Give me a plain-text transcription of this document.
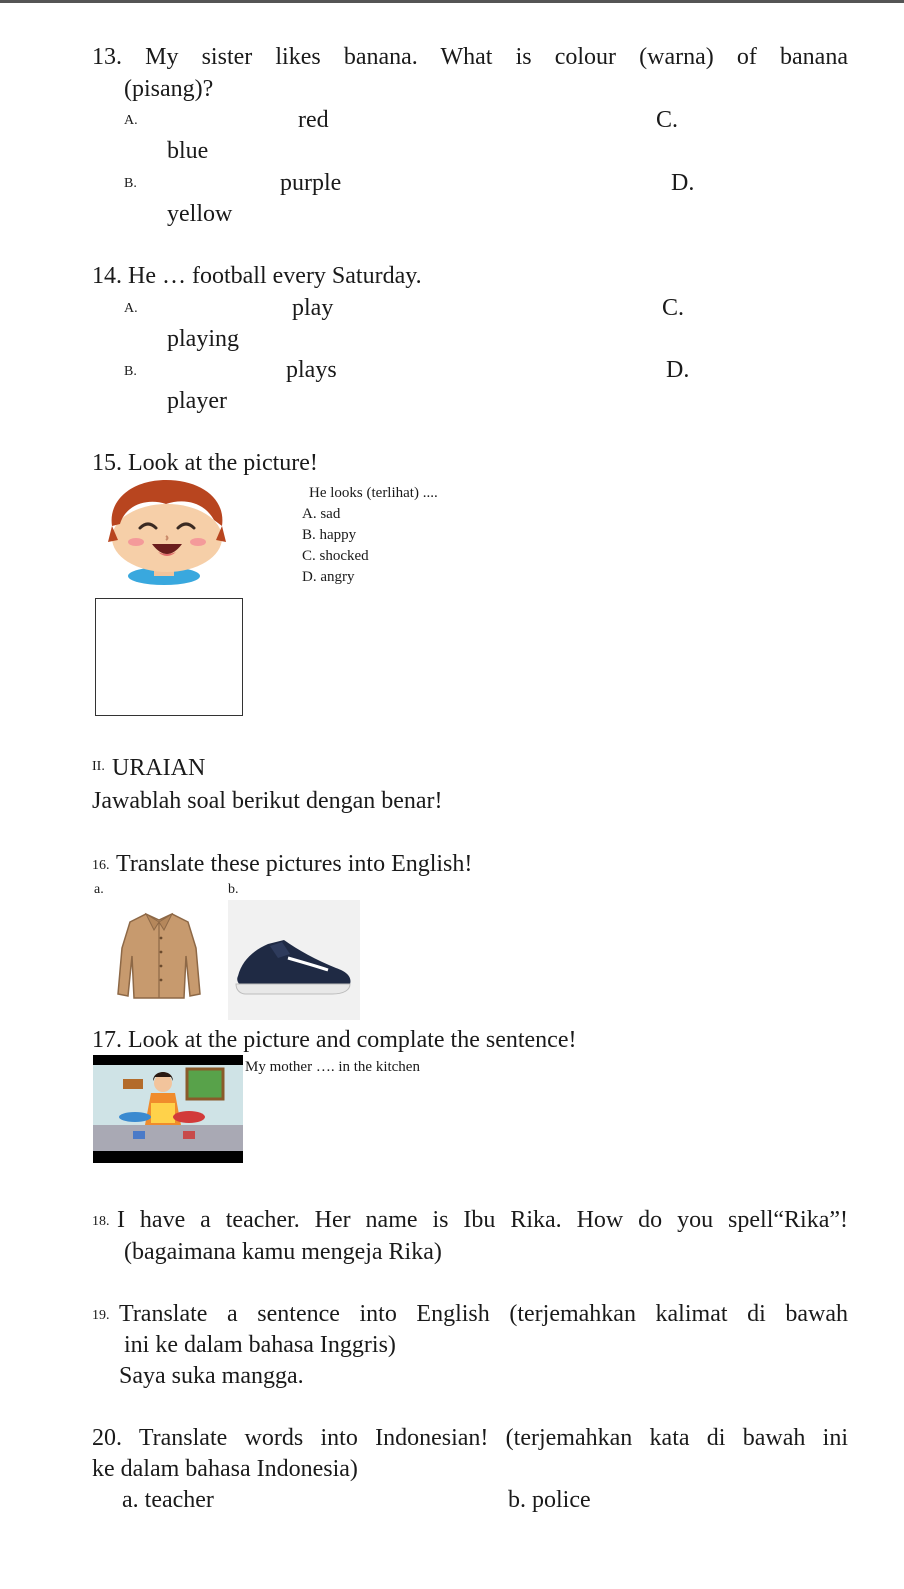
13. My sister likes banana. What is colour (warna) of banana
(pisang)?
A.	red	C.
blue
B.	purple	D.
yellow
14. He … football every Saturday.
A.	play	C.
playing
B.	plays	D.
player
15. Look at the picture!
He looks (terlihat) ....
A. sad
B. happy
C. shocked
D. angry
II. URAIAN
Jawablah soal berikut dengan benar!
16. Translate these pictures into English!
a.	b.
17. Look at the picture and complate the sentence!
My mother …. in the kitchen
18. I have a teacher. Her name is Ibu Rika. How do you spell“Rika”!
(bagaimana kamu mengeja Rika)
19. Translate a sentence into English (terjemahkan kalimat di bawah
ini ke dalam bahasa Inggris)
Saya suka mangga.
20. Translate words into Indonesian! (terjemahkan kata di bawah ini
ke dalam bahasa Indonesia)
a. teacher	b. police
